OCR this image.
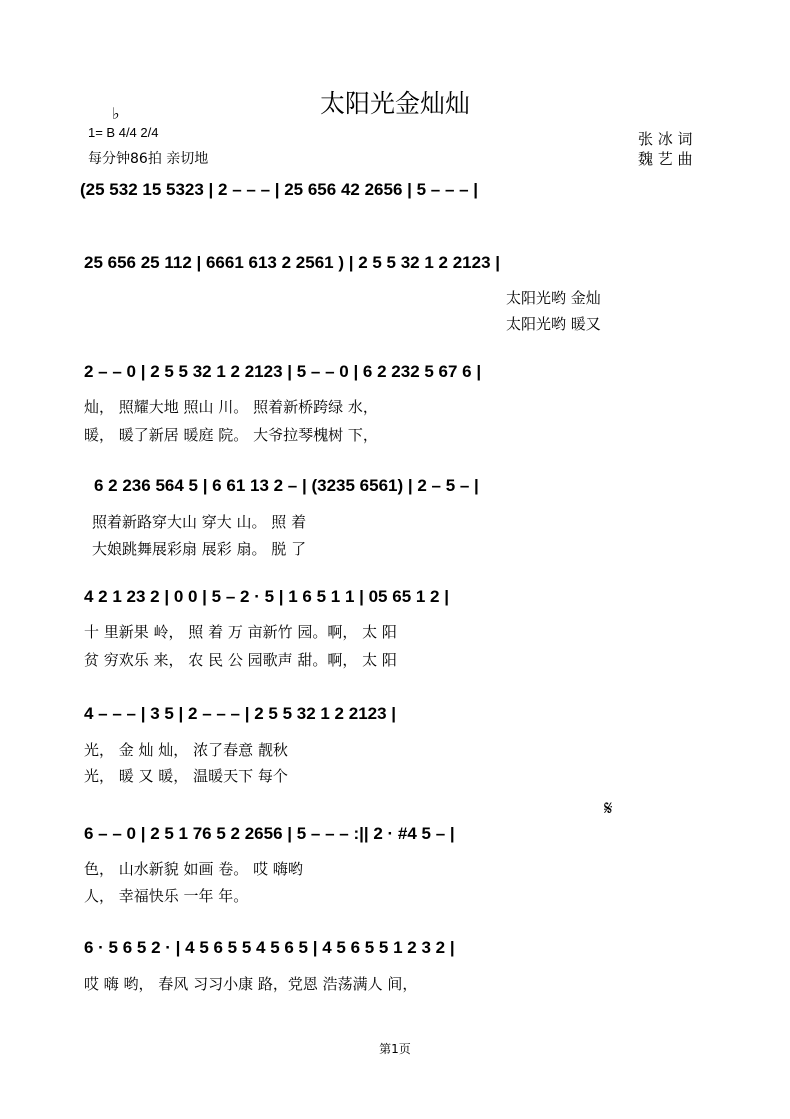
太阳光金灿灿
♭
1= B 4/4 2/4
每分钟86拍 亲切地
张 冰 词
魏 艺 曲
(25 532 15 5323 | 2 – – – | 25 656 42 2656 | 5 – – – |
25 656 25 112 | 6661 613 2 2561 ) | 2 5 5 32 1 2 2123 |
太阳光哟 金灿
太阳光哟 暖又
2 – – 0 | 2 5 5 32 1 2 2123 | 5 – – 0 | 6 2 232 5 67 6 |
灿， 照耀大地 照山 川。 照着新桥跨绿 水，
暖， 暖了新居 暖庭 院。 大爷拉琴槐树 下，
6 2 236 564 5 | 6 61 13 2 – | (3235 6561) | 2 – 5 – |
照着新路穿大山 穿大 山。 照 着
大娘跳舞展彩扇 展彩 扇。 脱 了
4 2 1 23 2 | 0 0 | 5 – 2 · 5 | 1 6 5 1 1 | 05 65 1 2 |
十 里新果 岭， 照 着 万 亩新竹 园。啊， 太 阳
贫 穷欢乐 来， 农 民 公 园歌声 甜。啊， 太 阳
4 – – – | 3 5 | 2 – – – | 2 5 5 32 1 2 2123 |
光， 金 灿 灿， 浓了春意 靓秋
光， 暖 又 暖， 温暖天下 每个
𝄋
6 – – 0 | 2 5 1 76 5 2 2656 | 5 – – – :|| 2 · #4 5 – |
色， 山水新貌 如画 卷。 哎 嗨哟
人， 幸福快乐 一年 年。
6 · 5 6 5 2 · | 4 5 6 5 5 4 5 6 5 | 4 5 6 5 5 1 2 3 2 |
哎 嗨 哟， 春风 习习小康 路，党恩 浩荡满人 间，
第1页
